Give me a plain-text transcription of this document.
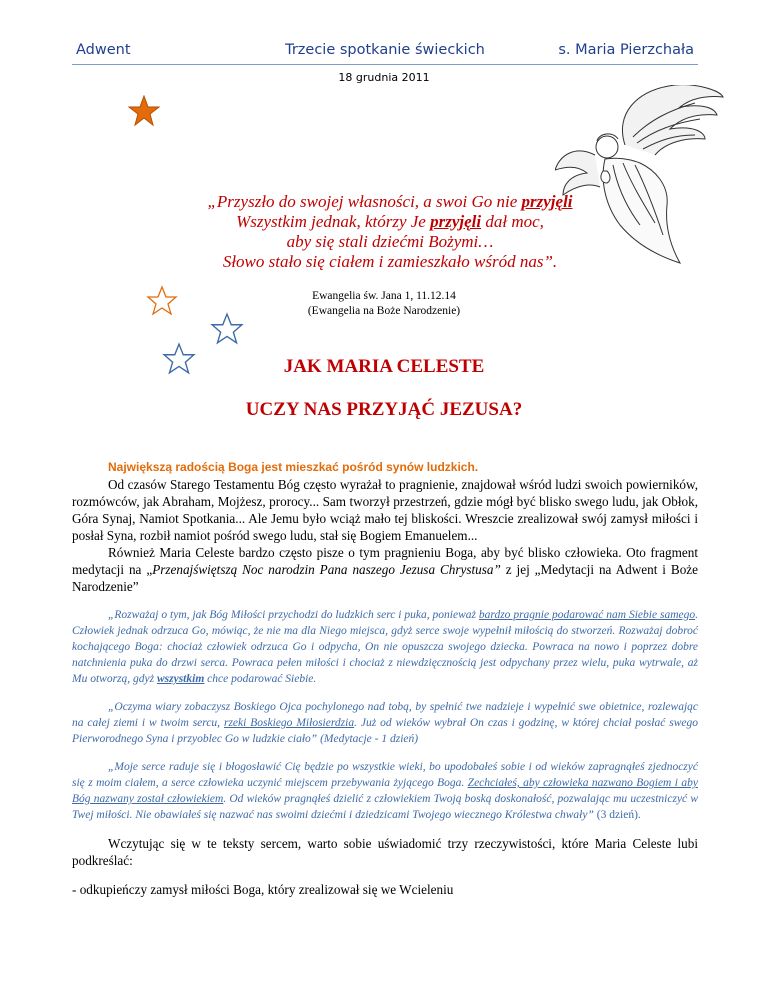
Adwent	Trzecie spotkanie świeckich	s. Maria Pierzchała
18 grudnia 2011
„Przyszło do swojej własności, a swoi Go nie przyjęli
Wszystkim jednak, którzy Je przyjęli dał moc,
aby się stali dziećmi Bożymi…
Słowo stało się ciałem i zamieszkało wśród nas”.
Ewangelia św. Jana 1, 11.12.14
(Ewangelia na Boże Narodzenie)
JAK MARIA CELESTE
UCZY NAS PRZYJĄĆ JEZUSA?

Największą radością Boga jest mieszkać pośród synów ludzkich.

Od czasów Starego Testamentu Bóg często wyrażał to pragnienie, znajdował wśród ludzi swoich powierników, rozmówców, jak Abraham, Mojżesz, prorocy... Sam tworzył przestrzeń, gdzie mógł być blisko swego ludu, jak Obłok, Góra Synaj, Namiot Spotkania... Ale Jemu było wciąż mało tej bliskości. Wreszcie zrealizował swój zamysł miłości i posłał Syna, rozbił namiot pośród swego ludu, stał się Bogiem Emanuelem...

Również Maria Celeste bardzo często pisze o tym pragnieniu Boga, aby być blisko człowieka. Oto fragment medytacji na „Przenajświętszą Noc narodzin Pana naszego Jezusa Chrystusa” z jej „Medytacji na Adwent i Boże Narodzenie”

„Rozważaj o tym, jak Bóg Miłości przychodzi do ludzkich serc i puka, ponieważ bardzo pragnie podarować nam Siebie samego. Człowiek jednak odrzuca Go, mówiąc, że nie ma dla Niego miejsca, gdyż serce swoje wypełnił miłością do stworzeń. Rozważaj dobroć kochającego Boga: chociaż człowiek odrzuca Go i odpycha, On nie opuszcza swojego dziecka. Powraca na nowo i poprzez dobre natchnienia puka do drzwi serca. Powraca pełen miłości i chociaż z niewdzięcznością jest odpychany przez wielu, puka wytrwale, aż Mu otworzą, gdyż wszystkim chce podarować Siebie.

„Oczyma wiary zobaczysz Boskiego Ojca pochylonego nad tobą, by spełnić twe nadzieje i wypełnić swe obietnice, rozlewając na całej ziemi i w twoim sercu, rzeki Boskiego Miłosierdzia. Już od wieków wybrał On czas i godzinę, w której chciał posłać swego Pierworodnego Syna i przyoblec Go w ludzkie ciało” (Medytacje - 1 dzień)

„Moje serce raduje się i błogosławić Cię będzie po wszystkie wieki, bo upodobałeś sobie i od wieków zapragnąłeś zjednoczyć się z moim ciałem, a serce człowieka uczynić miejscem przebywania żyjącego Boga. Zechciałeś, aby człowieka nazwano Bogiem i aby Bóg nazwany został człowiekiem. Od wieków pragnąłeś dzielić z człowiekiem Twoją boską doskonałość, pozwalając mu uczestniczyć w Twej miłości. Nie obawiałeś się nazwać nas swoimi dziećmi i dziedzicami Twojego wiecznego Królestwa chwały” (3 dzień).

Wczytując się w te teksty sercem, warto sobie uświadomić trzy rzeczywistości, które Maria Celeste lubi podkreślać:

- odkupieńczy zamysł miłości Boga, który zrealizował się we Wcieleniu
